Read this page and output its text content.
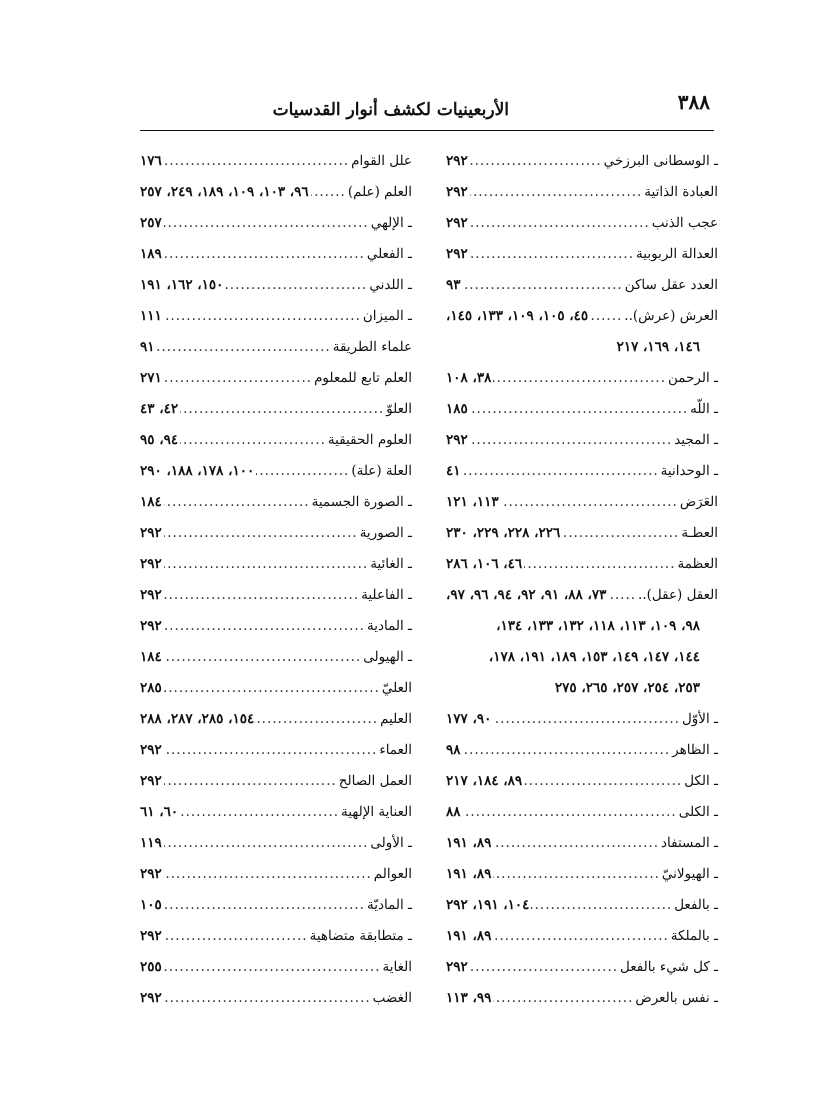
٣٨٨
الأربعينيات لكشف أنوار القدسيات
ـ الوسطانى البرزخي
.....
٢٩٢
العبادة الذاتية
.....
٢٩٢
عجب الذنب
.....
٢٩٢
العدالة الربوبية
.....
٢٩٢
العدد عقل ساكن
.....
٩٣
العرش (عرش)..
.....
٤٥، ١٠٥، ١٠٩، ١٣٣، ١٤٥،
١٤٦، ١٦٩، ٢١٧
ـ الرحمن
.....
٣٨، ١٠٨
ـ اللّه
.....
١٨٥
ـ المجيد
.....
٢٩٢
ـ الوحدانية
.....
٤١
العَرَض
.....
١١٣، ١٢١
العطـة
.....
٢٢٦، ٢٢٨، ٢٢٩، ٢٣٠
العظمة
.....
٤٦، ١٠٦، ٢٨٦
العقل (عقل)..
.....
٧٣، ٨٨، ٩١، ٩٢، ٩٤، ٩٦، ٩٧،
٩٨، ١٠٩، ١١٣، ١١٨، ١٣٢، ١٣٣، ١٣٤،
١٤٤، ١٤٧، ١٤٩، ١٥٣، ١٨٩، ١٩١، ١٧٨،
٢٥٣، ٢٥٤، ٢٥٧، ٢٦٥، ٢٧٥
ـ الأوّل
.....
٩٠، ١٧٧
ـ الظاهر
.....
٩٨
ـ الكل
.....
٨٩، ١٨٤، ٢١٧
ـ الكلى
.....
٨٨
ـ المستفاد
.....
٨٩، ١٩١
ـ الهيولانيّ
.....
٨٩، ١٩١
ـ بالفعل
.....
١٠٤، ١٩١، ٢٩٢
ـ بالملكة
.....
٨٩، ١٩١
ـ كل شيء بالفعل
.....
٢٩٢
ـ نفس بالعرض
.....
٩٩، ١١٣
علل القوام
.....
١٧٦
العلم (علم)
.....
٩٦، ١٠٣، ١٠٩، ١٨٩، ٢٤٩، ٢٥٧
ـ الإلهي
.....
٢٥٧
ـ الفعلي
.....
١٨٩
ـ اللدني
.....
١٥٠، ١٦٢، ١٩١
ـ الميزان
.....
١١١
علماء الطريقة
.....
٩١
العلم تابع للمعلوم
.....
٢٧١
العلوّ
.....
٤٢، ٤٣
العلوم الحقيقية
.....
٩٤، ٩٥
العلة (علة)
.....
١٠٠، ١٧٨، ١٨٨، ٢٩٠
ـ الصورة الجسمية
.....
١٨٤
ـ الصورية
.....
٢٩٢
ـ الغائية
.....
٢٩٢
ـ الفاعلية
.....
٢٩٢
ـ المادية
.....
٢٩٢
ـ الهيولى
.....
١٨٤
العليّ
.....
٢٨٥
العليم
.....
١٥٤، ٢٨٥، ٢٨٧، ٢٨٨
العماء
.....
٢٩٢
العمل الصالح
.....
٢٩٢
العناية الإلهية
.....
٦٠، ٦١
ـ الأولى
.....
١١٩
العوالم
.....
٢٩٢
ـ الماديّة
.....
١٠٥
ـ متطابقة متضاهية
.....
٢٩٢
الغاية
.....
٢٥٥
الغضب
.....
٢٩٢
